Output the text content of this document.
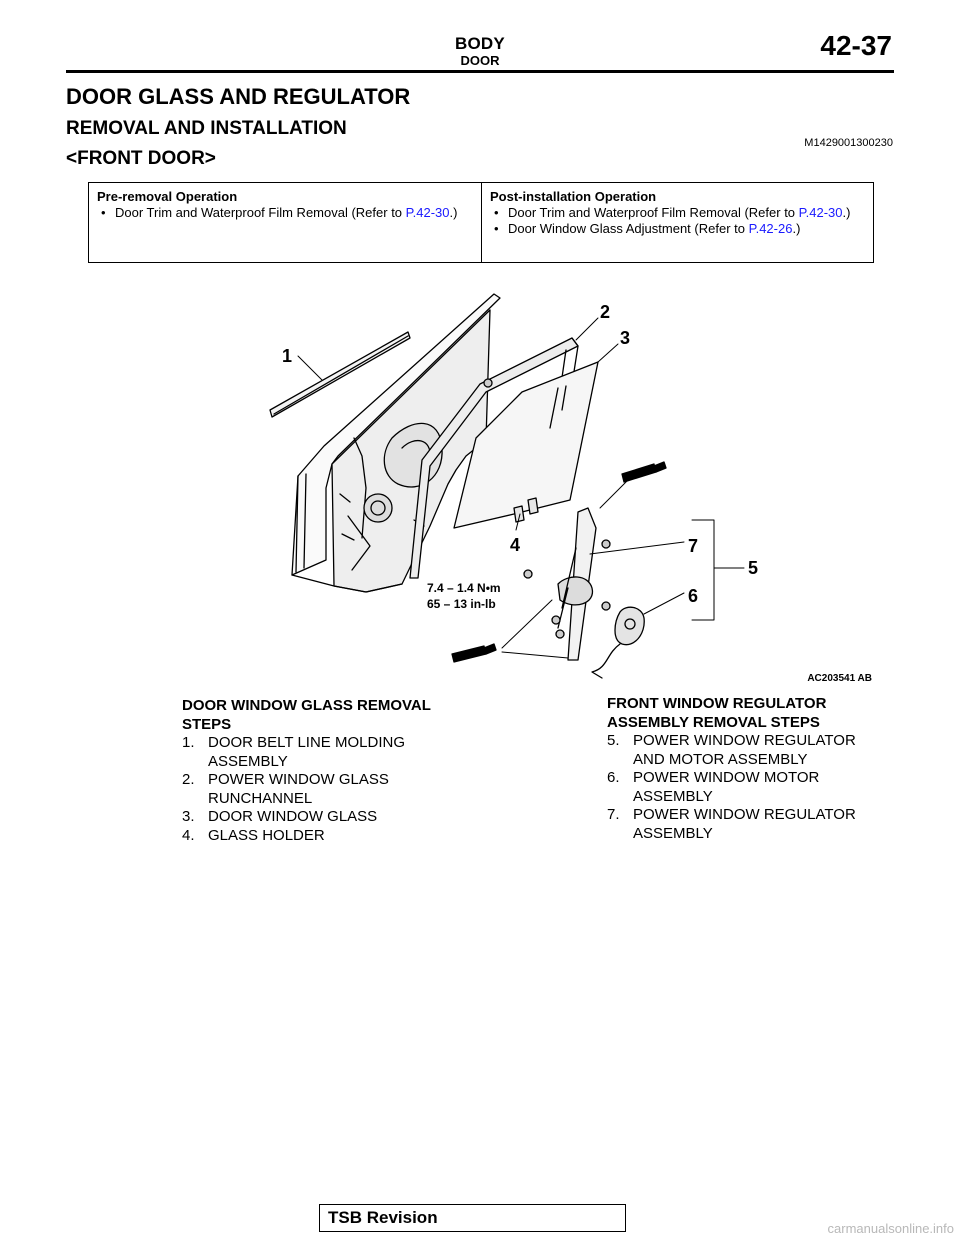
BODY
DOOR	42-37
DOOR GLASS AND REGULATOR
REMOVAL AND INSTALLATION
M1429001300230
<FRONT DOOR>
Pre-removal Operation
• Door Trim and Waterproof Film Removal (Refer to P.42-30.)
Post-installation Operation
• Door Trim and Waterproof Film Removal (Refer to P.42-30.)
• Door Window Glass Adjustment (Refer to P.42-26.)
1
2
3
4
5
6
7
7.4 – 1.4 N•m
65 – 13 in-lb
AC203541 AB
DOOR WINDOW GLASS REMOVAL
STEPS
1. DOOR BELT LINE MOLDING
ASSEMBLY
2. POWER WINDOW GLASS
RUNCHANNEL
3. DOOR WINDOW GLASS
4. GLASS HOLDER
FRONT WINDOW REGULATOR
ASSEMBLY REMOVAL STEPS
5. POWER WINDOW REGULATOR
AND MOTOR ASSEMBLY
6. POWER WINDOW MOTOR
ASSEMBLY
7. POWER WINDOW REGULATOR
ASSEMBLY
TSB Revision
carmanualsonline.info
